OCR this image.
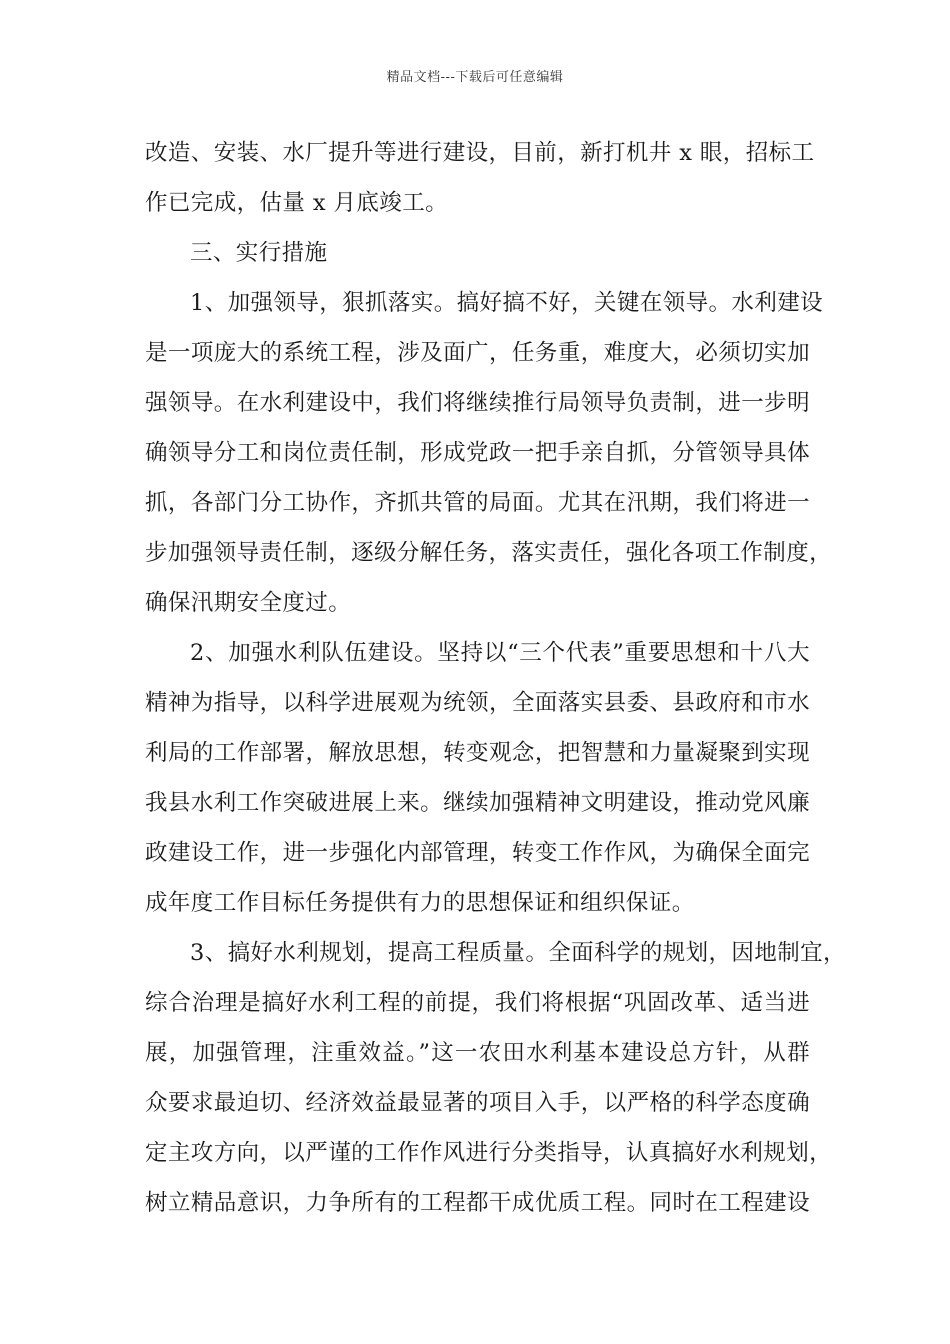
精品文档---下载后可任意编辑
改造、安装、水厂提升等进行建设，目前，新打机井 x 眼，招标工
作已完成，估量 x 月底竣工。
三、实行措施
1、加强领导，狠抓落实。搞好搞不好，关键在领导。水利建设
是一项庞大的系统工程，涉及面广，任务重，难度大，必须切实加
强领导。在水利建设中，我们将继续推行局领导负责制，进一步明
确领导分工和岗位责任制，形成党政一把手亲自抓，分管领导具体
抓，各部门分工协作，齐抓共管的局面。尤其在汛期，我们将进一
步加强领导责任制，逐级分解任务，落实责任，强化各项工作制度，
确保汛期安全度过。
2、加强水利队伍建设。坚持以“三个代表”重要思想和十八大
精神为指导，以科学进展观为统领，全面落实县委、县政府和市水
利局的工作部署，解放思想，转变观念，把智慧和力量凝聚到实现
我县水利工作突破进展上来。继续加强精神文明建设，推动党风廉
政建设工作，进一步强化内部管理，转变工作作风，为确保全面完
成年度工作目标任务提供有力的思想保证和组织保证。
3、搞好水利规划，提高工程质量。全面科学的规划，因地制宜，
综合治理是搞好水利工程的前提，我们将根据“巩固改革、适当进
展，加强管理，注重效益。”这一农田水利基本建设总方针，从群
众要求最迫切、经济效益最显著的项目入手，以严格的科学态度确
定主攻方向，以严谨的工作作风进行分类指导，认真搞好水利规划，
树立精品意识，力争所有的工程都干成优质工程。同时在工程建设
